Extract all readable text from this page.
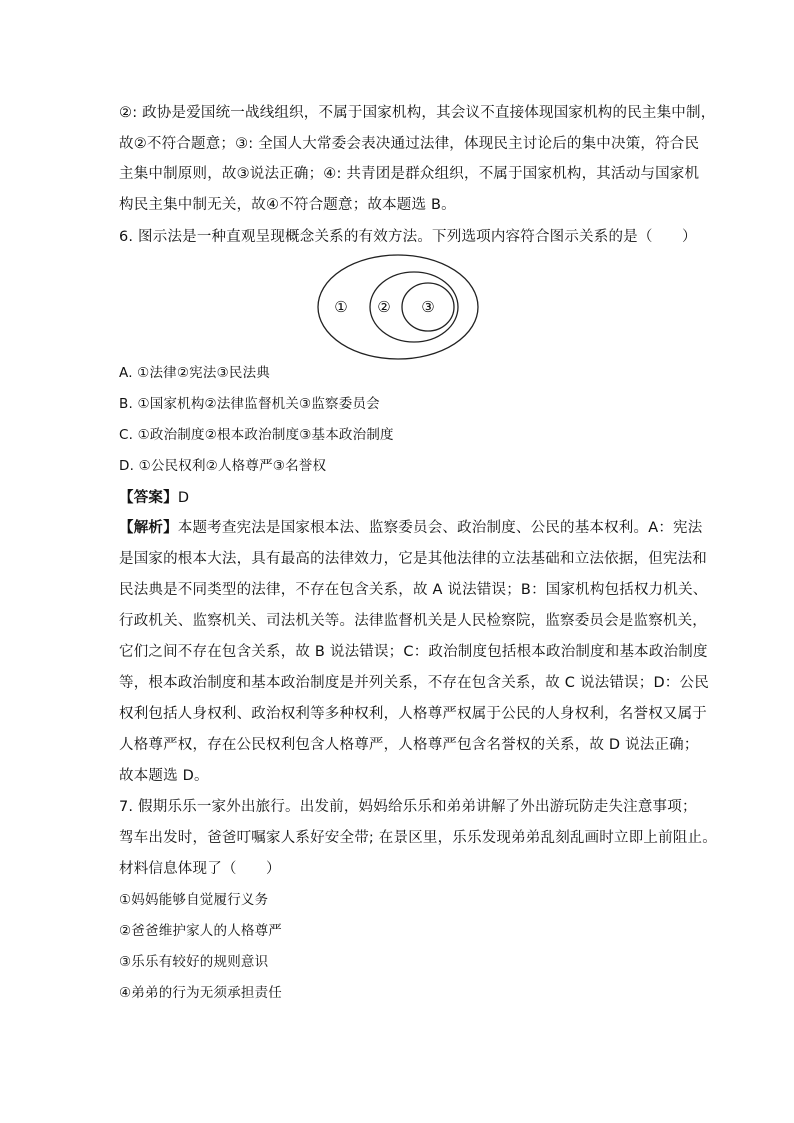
②: 政协是爱国统一战线组织，不属于国家机构，其会议不直接体现国家机构的民主集中制，
故②不符合题意；③: 全国人大常委会表决通过法律，体现民主讨论后的集中决策，符合民
主集中制原则，故③说法正确；④: 共青团是群众组织，不属于国家机构，其活动与国家机
构民主集中制无关，故④不符合题意；故本题选 B。
6. 图示法是一种直观呈现概念关系的有效方法。下列选项内容符合图示关系的是（　　）
① ② ③
A. ①法律②宪法③民法典
B. ①国家机构②法律监督机关③监察委员会
C. ①政治制度②根本政治制度③基本政治制度
D. ①公民权利②人格尊严③名誉权
【答案】D
【解析】本题考查宪法是国家根本法、监察委员会、政治制度、公民的基本权利。A：宪法
是国家的根本大法，具有最高的法律效力，它是其他法律的立法基础和立法依据，但宪法和
民法典是不同类型的法律，不存在包含关系，故 A 说法错误；B：国家机构包括权力机关、
行政机关、监察机关、司法机关等。法律监督机关是人民检察院，监察委员会是监察机关，
它们之间不存在包含关系，故 B 说法错误；C：政治制度包括根本政治制度和基本政治制度
等，根本政治制度和基本政治制度是并列关系，不存在包含关系，故 C 说法错误；D：公民
权利包括人身权利、政治权利等多种权利，人格尊严权属于公民的人身权利，名誉权又属于
人格尊严权，存在公民权利包含人格尊严，人格尊严包含名誉权的关系，故 D 说法正确；
故本题选 D。
7. 假期乐乐一家外出旅行。出发前，妈妈给乐乐和弟弟讲解了外出游玩防走失注意事项；
驾车出发时，爸爸叮嘱家人系好安全带; 在景区里，乐乐发现弟弟乱刻乱画时立即上前阻止。
材料信息体现了（　　）
①妈妈能够自觉履行义务
②爸爸维护家人的人格尊严
③乐乐有较好的规则意识
④弟弟的行为无须承担责任
